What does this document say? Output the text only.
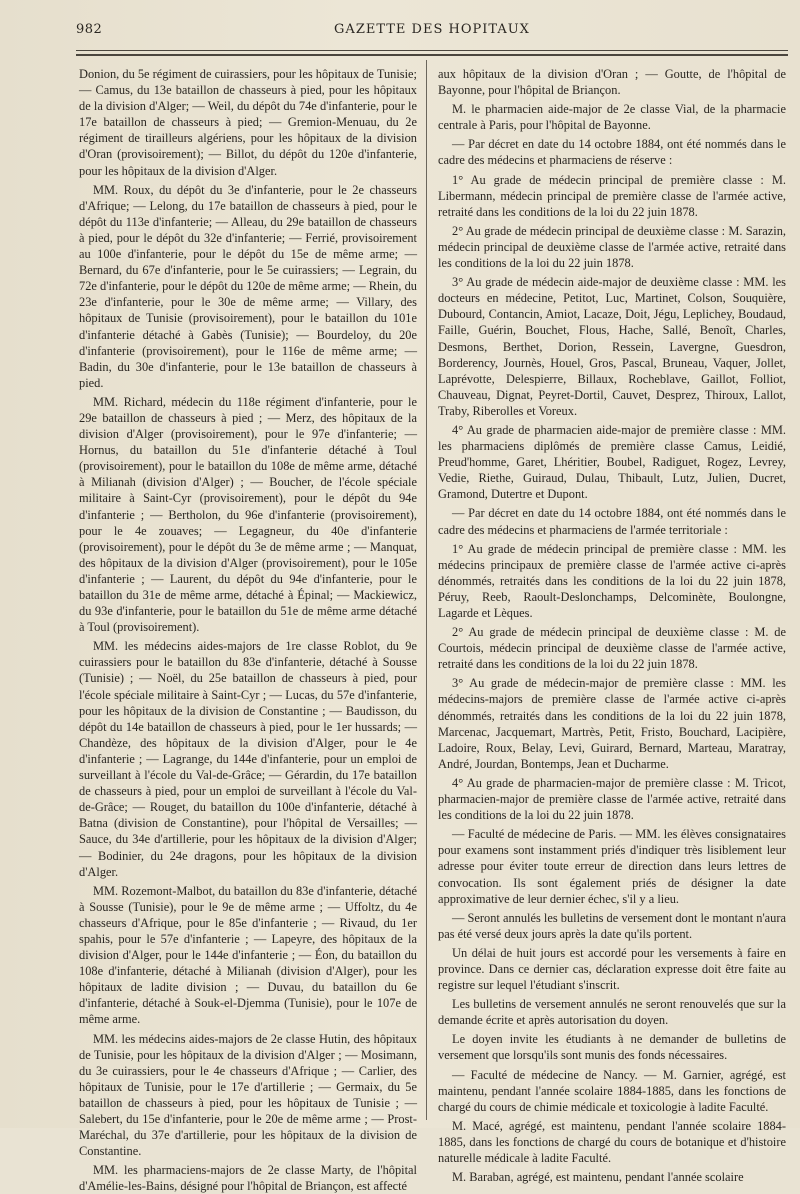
982	GAZETTE DES HOPITAUX

Donion, du 5e régiment de cuirassiers, pour les hôpitaux de Tunisie; — Camus, du 13e bataillon de chasseurs à pied, pour les hôpitaux de la division d'Alger; — Weil, du dépôt du 74e d'infanterie, pour le 17e bataillon de chasseurs à pied; — Gremion-Menuau, du 2e régiment de tirailleurs algériens, pour les hôpitaux de la division d'Oran (provisoirement); — Billot, du dépôt du 120e d'infanterie, pour les hôpitaux de la division d'Alger.

MM. Roux, du dépôt du 3e d'infanterie, pour le 2e chasseurs d'Afrique; — Lelong, du 17e bataillon de chasseurs à pied, pour le dépôt du 113e d'infanterie; — Alleau, du 29e bataillon de chasseurs à pied, pour le dépôt du 32e d'infanterie; — Ferrié, provisoirement au 100e d'infanterie, pour le dépôt du 15e de même arme; — Bernard, du 67e d'infanterie, pour le 5e cuirassiers; — Legrain, du 72e d'infanterie, pour le dépôt du 120e de même arme; — Rhein, du 23e d'infanterie, pour le 30e de même arme; — Villary, des hôpitaux de Tunisie (provisoirement), pour le bataillon du 101e d'infanterie détaché à Gabès (Tunisie); — Bourdeloy, du 20e d'infanterie (provisoirement), pour le 116e de même arme; — Badin, du 30e d'infanterie, pour le 13e bataillon de chasseurs à pied.

MM. Richard, médecin du 118e régiment d'infanterie, pour le 29e bataillon de chasseurs à pied ; — Merz, des hôpitaux de la division d'Alger (provisoirement), pour le 97e d'infanterie; — Hornus, du bataillon du 51e d'infanterie détaché à Toul (provisoirement), pour le bataillon du 108e de même arme, détaché à Milianah (division d'Alger) ; — Boucher, de l'école spéciale militaire à Saint-Cyr (provisoirement), pour le dépôt du 94e d'infanterie ; — Bertholon, du 96e d'infanterie (provisoirement), pour le 4e zouaves; — Legagneur, du 40e d'infanterie (provisoirement), pour le dépôt du 3e de même arme ; — Manquat, des hôpitaux de la division d'Alger (provisoirement), pour le 105e d'infanterie ; — Laurent, du dépôt du 94e d'infanterie, pour le bataillon du 31e de même arme, détaché à Épinal; — Mackiewicz, du 93e d'infanterie, pour le bataillon du 51e de même arme détaché à Toul (provisoirement).

MM. les médecins aides-majors de 1re classe Roblot, du 9e cuirassiers pour le bataillon du 83e d'infanterie, détaché à Sousse (Tunisie) ; — Noël, du 25e bataillon de chasseurs à pied, pour l'école spéciale militaire à Saint-Cyr ; — Lucas, du 57e d'infanterie, pour les hôpitaux de la division de Constantine ; — Baudisson, du dépôt du 14e bataillon de chasseurs à pied, pour le 1er hussards; — Chandèze, des hôpitaux de la division d'Alger, pour le 4e d'infanterie ; — Lagrange, du 144e d'infanterie, pour un emploi de surveillant à l'école du Val-de-Grâce; — Gérardin, du 17e bataillon de chasseurs à pied, pour un emploi de surveillant à l'école du Val-de-Grâce; — Rouget, du bataillon du 100e d'infanterie, détaché à Batna (division de Constantine), pour l'hôpital de Versailles; — Sauce, du 34e d'artillerie, pour les hôpitaux de la division d'Alger; — Bodinier, du 24e dragons, pour les hôpitaux de la division d'Alger.

MM. Rozemont-Malbot, du bataillon du 83e d'infanterie, détaché à Sousse (Tunisie), pour le 9e de même arme ; — Uffoltz, du 4e chasseurs d'Afrique, pour le 85e d'infanterie ; — Rivaud, du 1er spahis, pour le 57e d'infanterie ; — Lapeyre, des hôpitaux de la division d'Alger, pour le 144e d'infanterie ; — Éon, du bataillon du 108e d'infanterie, détaché à Milianah (division d'Alger), pour les hôpitaux de ladite division ; — Duvau, du bataillon du 6e d'infanterie, détaché à Souk-el-Djemma (Tunisie), pour le 107e de même arme.

MM. les médecins aides-majors de 2e classe Hutin, des hôpitaux de Tunisie, pour les hôpitaux de la division d'Alger ; — Mosimann, du 3e cuirassiers, pour le 4e chasseurs d'Afrique ; — Carlier, des hôpitaux de Tunisie, pour le 17e d'artillerie ; — Germaix, du 5e bataillon de chasseurs à pied, pour les hôpitaux de Tunisie ; — Salebert, du 15e d'infanterie, pour le 20e de même arme ; — Prost-Maréchal, du 37e d'artillerie, pour les hôpitaux de la division de Constantine.

MM. les pharmaciens-majors de 2e classe Marty, de l'hôpital d'Amélie-les-Bains, désigné pour l'hôpital de Briançon, est affecté

aux hôpitaux de la division d'Oran ; — Goutte, de l'hôpital de Bayonne, pour l'hôpital de Briançon.

M. le pharmacien aide-major de 2e classe Vial, de la pharmacie centrale à Paris, pour l'hôpital de Bayonne.

— Par décret en date du 14 octobre 1884, ont été nommés dans le cadre des médecins et pharmaciens de réserve :

1° Au grade de médecin principal de première classe : M. Libermann, médecin principal de première classe de l'armée active, retraité dans les conditions de la loi du 22 juin 1878.

2° Au grade de médecin principal de deuxième classe : M. Sarazin, médecin principal de deuxième classe de l'armée active, retraité dans les conditions de la loi du 22 juin 1878.

3° Au grade de médecin aide-major de deuxième classe : MM. les docteurs en médecine, Petitot, Luc, Martinet, Colson, Souquière, Dubourd, Contancin, Amiot, Lacaze, Doit, Jégu, Leplichey, Boudaud, Faille, Guérin, Bouchet, Flous, Hache, Sallé, Benoît, Charles, Desmons, Berthet, Dorion, Ressein, Lavergne, Guesdron, Borderency, Journès, Houel, Gros, Pascal, Bruneau, Vaquer, Jollet, Laprévotte, Delespierre, Billaux, Rocheblave, Gaillot, Folliot, Chauveau, Dignat, Peyret-Dortil, Cauvet, Desprez, Thiroux, Lallot, Traby, Riberolles et Voreux.

4° Au grade de pharmacien aide-major de première classe : MM. les pharmaciens diplômés de première classe Camus, Leidié, Preud'homme, Garet, Lhéritier, Boubel, Radiguet, Rogez, Levrey, Vedie, Riethe, Guiraud, Dulau, Thibault, Lutz, Julien, Ducret, Gramond, Dutertre et Dupont.

— Par décret en date du 14 octobre 1884, ont été nommés dans le cadre des médecins et pharmaciens de l'armée territoriale :

1° Au grade de médecin principal de première classe : MM. les médecins principaux de première classe de l'armée active ci-après dénommés, retraités dans les conditions de la loi du 22 juin 1878, Péruy, Reeb, Raoult-Deslonchamps, Delcominète, Boulongne, Lagarde et Lèques.

2° Au grade de médecin principal de deuxième classe : M. de Courtois, médecin principal de deuxième classe de l'armée active, retraité dans les conditions de la loi du 22 juin 1878.

3° Au grade de médecin-major de première classe : MM. les médecins-majors de première classe de l'armée active ci-après dénommés, retraités dans les conditions de la loi du 22 juin 1878, Marcenac, Jacquemart, Martrès, Petit, Fristo, Bouchard, Lacipière, Ladoire, Roux, Belay, Levi, Guirard, Bernard, Marteau, Maratray, André, Jourdan, Bontemps, Jean et Ducharme.

4° Au grade de pharmacien-major de première classe : M. Tricot, pharmacien-major de première classe de l'armée active, retraité dans les conditions de la loi du 22 juin 1878.

— Faculté de médecine de Paris. — MM. les élèves consignataires pour examens sont instamment priés d'indiquer très lisiblement leur adresse pour éviter toute erreur de direction dans leurs lettres de convocation. Ils sont également priés de désigner la date approximative de leur dernier échec, s'il y a lieu.

— Seront annulés les bulletins de versement dont le montant n'aura pas été versé deux jours après la date qu'ils portent.

Un délai de huit jours est accordé pour les versements à faire en province. Dans ce dernier cas, déclaration expresse doit être faite au registre sur lequel l'étudiant s'inscrit.

Les bulletins de versement annulés ne seront renouvelés que sur la demande écrite et après autorisation du doyen.

Le doyen invite les étudiants à ne demander de bulletins de versement que lorsqu'ils sont munis des fonds nécessaires.

— Faculté de médecine de Nancy. — M. Garnier, agrégé, est maintenu, pendant l'année scolaire 1884-1885, dans les fonctions de chargé du cours de chimie médicale et toxicologie à ladite Faculté.

M. Macé, agrégé, est maintenu, pendant l'année scolaire 1884-1885, dans les fonctions de chargé du cours de botanique et d'histoire naturelle médicale à ladite Faculté.

M. Baraban, agrégé, est maintenu, pendant l'année scolaire
